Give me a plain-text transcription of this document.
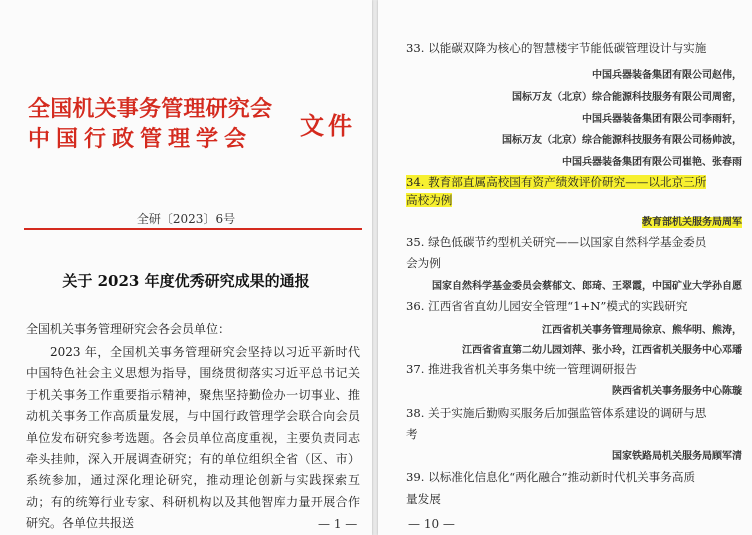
全国机关事务管理研究会
中国行政管理学会 文件
全研〔2023〕6号
关于 2023 年度优秀研究成果的通报
全国机关事务管理研究会各会员单位：

2023 年，全国机关事务管理研究会坚持以习近平新时代中国特色社会主义思想为指导，围绕贯彻落实习近平总书记关于机关事务工作重要指示精神，聚焦坚持勤俭办一切事业、推动机关事务工作高质量发展，与中国行政管理学会联合向会员单位发布研究参考选题。各会员单位高度重视，主要负责同志牵头挂帅，深入开展调查研究；有的单位组织全省（区、市）系统参加，通过深化理论研究，推动理论创新与实践探索互动；有的统筹行业专家、科研机构以及其他智库力量开展合作研究。各单位共报送	— 1 —
33. 以能碳双降为核心的智慧楼宇节能低碳管理设计与实施
中国兵器装备集团有限公司赵伟，
国标万友（北京）综合能源科技服务有限公司周密，
中国兵器装备集团有限公司李雨轩，
国标万友（北京）综合能源科技服务有限公司杨帅波，
中国兵器装备集团有限公司崔艳、张春雨
34. 教育部直属高校国有资产绩效评价研究——以北京三所
高校为例
教育部机关服务局周军
35. 绿色低碳节约型机关研究——以国家自然科学基金委员
会为例
国家自然科学基金委员会蔡郁文、郎琦、王翠霞，中国矿业大学孙自愿
36. 江西省省直幼儿园安全管理“1+N”模式的实践研究
江西省机关事务管理局徐京、熊华明、熊涛，
江西省省直第二幼儿园刘萍、张小玲，江西省机关服务中心邓璠
37. 推进我省机关事务集中统一管理调研报告
陕西省机关事务服务中心陈璇
38. 关于实施后勤购买服务后加强监管体系建设的调研与思
考
国家铁路局机关服务局顾军清
39. 以标准化信息化“两化融合”推动新时代机关事务高质
量发展
— 10 —
